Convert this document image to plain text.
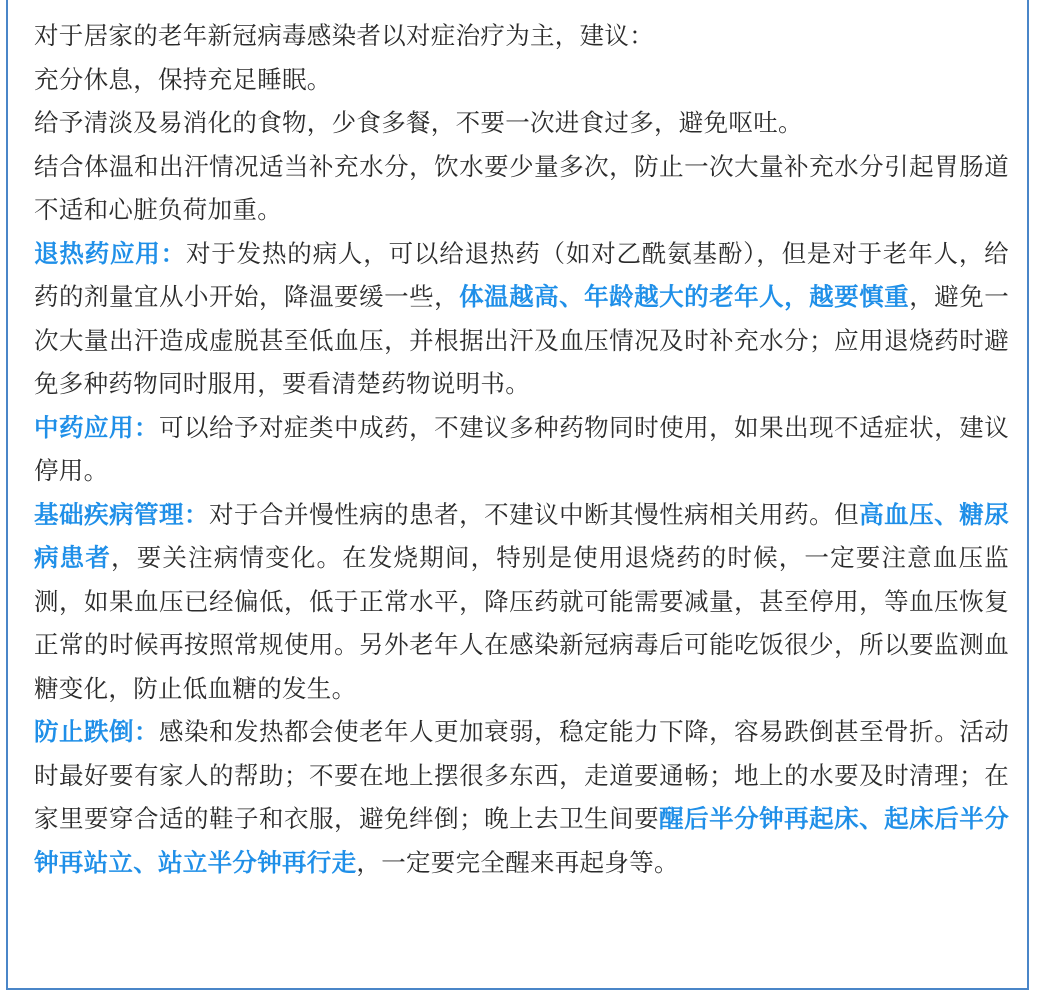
对于居家的老年新冠病毒感染者以对症治疗为主，建议：

充分休息，保持充足睡眠。

给予清淡及易消化的食物，少食多餐，不要一次进食过多，避免呕吐。

结合体温和出汗情况适当补充水分，饮水要少量多次，防止一次大量补充水分引起胃肠道不适和心脏负荷加重。

退热药应用：对于发热的病人，可以给退热药（如对乙酰氨基酚），但是对于老年人，给药的剂量宜从小开始，降温要缓一些，体温越高、年龄越大的老年人，越要慎重，避免一次大量出汗造成虚脱甚至低血压，并根据出汗及血压情况及时补充水分；应用退烧药时避免多种药物同时服用，要看清楚药物说明书。

中药应用：可以给予对症类中成药，不建议多种药物同时使用，如果出现不适症状，建议停用。

基础疾病管理：对于合并慢性病的患者，不建议中断其慢性病相关用药。但高血压、糖尿病患者，要关注病情变化。在发烧期间，特别是使用退烧药的时候，一定要注意血压监测，如果血压已经偏低，低于正常水平，降压药就可能需要减量，甚至停用，等血压恢复正常的时候再按照常规使用。另外老年人在感染新冠病毒后可能吃饭很少，所以要监测血糖变化，防止低血糖的发生。

防止跌倒：感染和发热都会使老年人更加衰弱，稳定能力下降，容易跌倒甚至骨折。活动时最好要有家人的帮助；不要在地上摆很多东西，走道要通畅；地上的水要及时清理；在家里要穿合适的鞋子和衣服，避免绊倒；晚上去卫生间要醒后半分钟再起床、起床后半分钟再站立、站立半分钟再行走，一定要完全醒来再起身等。
